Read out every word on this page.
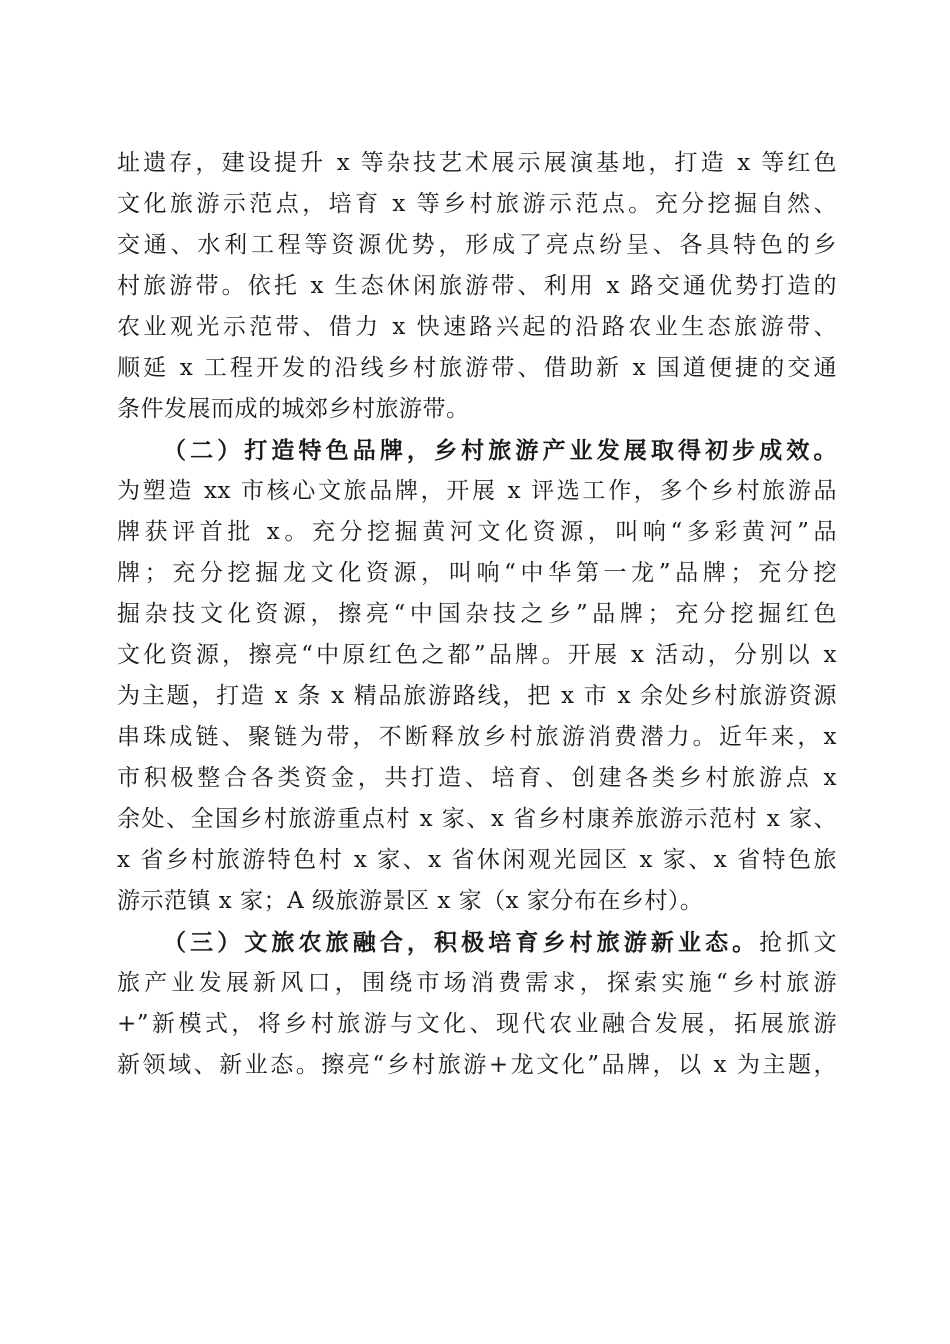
址遗存，建设提升 x 等杂技艺术展示展演基地，打造 x 等红色
文化旅游示范点，培育 x 等乡村旅游示范点。充分挖掘自然、
交通、水利工程等资源优势，形成了亮点纷呈、各具特色的乡
村旅游带。依托 x 生态休闲旅游带、利用 x 路交通优势打造的
农业观光示范带、借力 x 快速路兴起的沿路农业生态旅游带、
顺延 x 工程开发的沿线乡村旅游带、借助新 x 国道便捷的交通
条件发展而成的城郊乡村旅游带。
（二）打造特色品牌，乡村旅游产业发展取得初步成效。
为塑造 xx 市核心文旅品牌，开展 x 评选工作，多个乡村旅游品
牌获评首批 x。充分挖掘黄河文化资源，叫响“多彩黄河”品
牌；充分挖掘龙文化资源，叫响“中华第一龙”品牌；充分挖
掘杂技文化资源，擦亮“中国杂技之乡”品牌；充分挖掘红色
文化资源，擦亮“中原红色之都”品牌。开展 x 活动，分别以 x
为主题，打造 x 条 x 精品旅游路线，把 x 市 x 余处乡村旅游资源
串珠成链、聚链为带，不断释放乡村旅游消费潜力。近年来，x
市积极整合各类资金，共打造、培育、创建各类乡村旅游点 x
余处、全国乡村旅游重点村 x 家、x 省乡村康养旅游示范村 x 家、
x 省乡村旅游特色村 x 家、x 省休闲观光园区 x 家、x 省特色旅
游示范镇 x 家；A 级旅游景区 x 家（x 家分布在乡村）。
（三）文旅农旅融合，积极培育乡村旅游新业态。抢抓文
旅产业发展新风口，围绕市场消费需求，探索实施“乡村旅游
+”新模式，将乡村旅游与文化、现代农业融合发展，拓展旅游
新领域、新业态。擦亮“乡村旅游+龙文化”品牌，以 x 为主题，
